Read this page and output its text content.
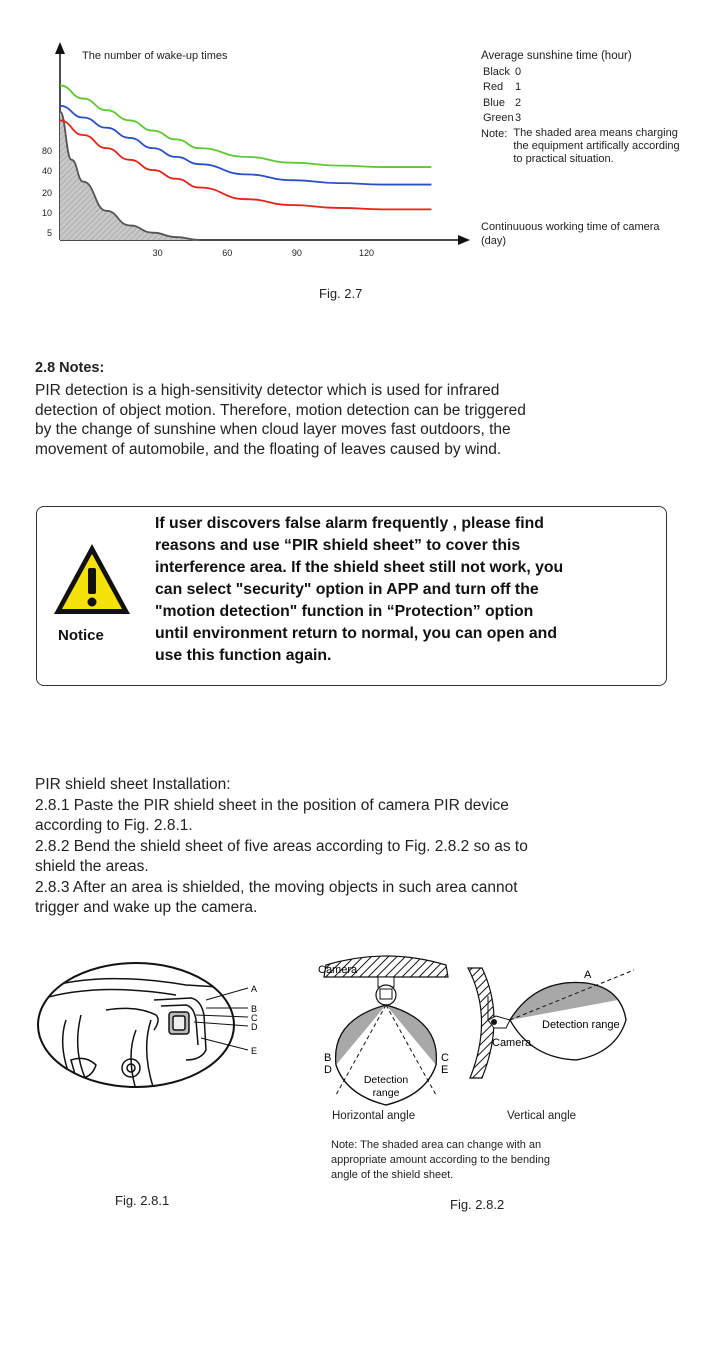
The number of wake-up times
5
10
20
40
80
30	60	90	120
Average sunshine time (hour)
Black 0
Red 1
Blue 2
Green3
Note: The shaded area means charging the equipment artifically according to practical situation.
Continuuous working time of camera (day)
Fig. 2.7
2.8 Notes:
PIR detection is a high-sensitivity detector which is used for infrared
detection of object motion. Therefore, motion detection can be triggered
by the change of sunshine when cloud layer moves fast outdoors, the
movement of automobile, and the floating of leaves caused by wind.
Notice
If user discovers false alarm frequently , please find
reasons and use “PIR shield sheet” to cover this
interference area. If the shield sheet still not work, you
can select "security" option in APP and turn off the
"motion detection" function in “Protection” option
until environment return to normal, you can open and
use this function again.
PIR shield sheet Installation:
2.8.1 Paste the PIR shield sheet in the position of camera PIR device
according to Fig. 2.8.1.
2.8.2 Bend the shield sheet of five areas according to Fig. 2.8.2 so as to
shield the areas.
2.8.3 After an area is shielded, the moving objects in such area cannot
trigger and wake up the camera.
A
B
C
D
E
Fig. 2.8.1
Camera
B
D
C
E
Detection
range
Horizontal angle
A
Detection range
Camera
Vertical angle
Note: The shaded area can change with an
appropriate amount according to the bending
angle of the shield sheet.
Fig. 2.8.2
